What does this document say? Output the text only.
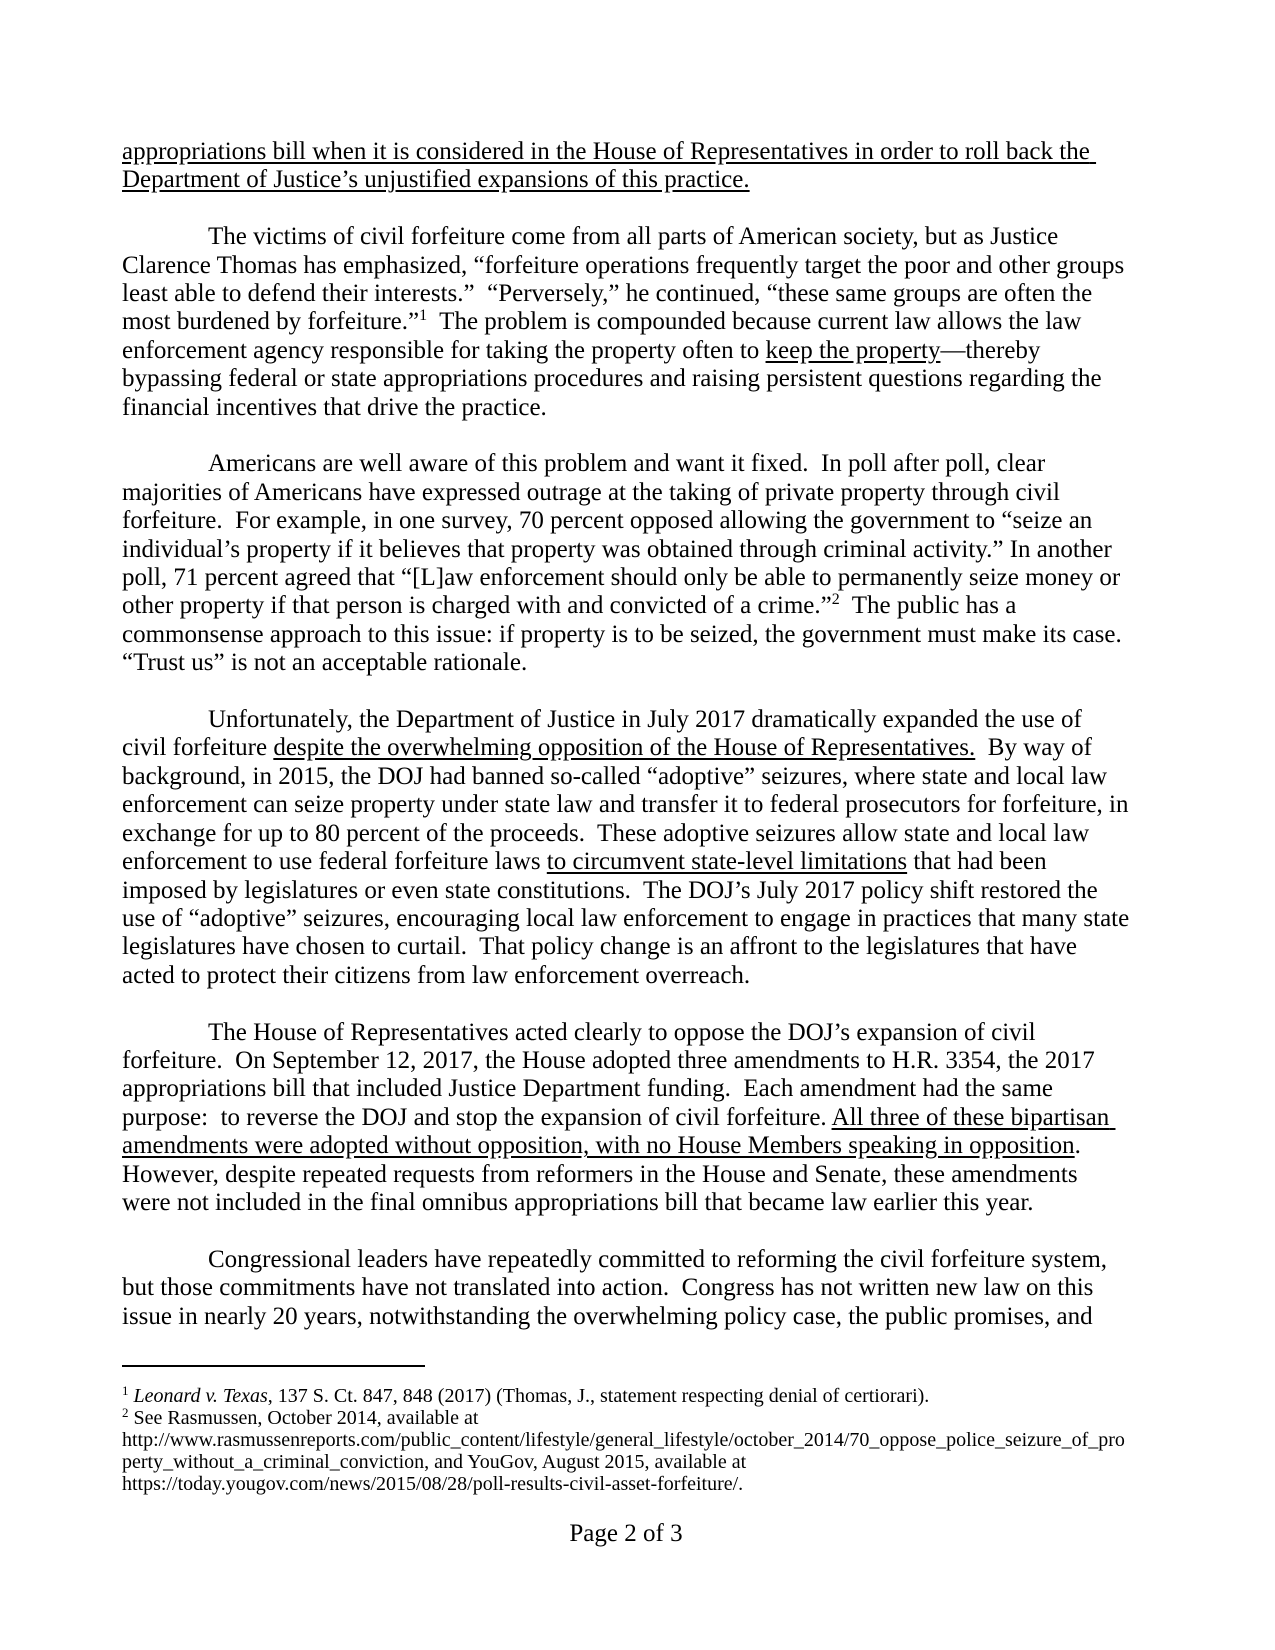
appropriations bill when it is considered in the House of Representatives in order to roll back the Department of Justice’s unjustified expansions of this practice.
The victims of civil forfeiture come from all parts of American society, but as Justice Clarence Thomas has emphasized, “forfeiture operations frequently target the poor and other groups least able to defend their interests.”  “Perversely,” he continued, “these same groups are often the most burdened by forfeiture.”$^1$  The problem is compounded because current law allows the law enforcement agency responsible for taking the property often to keep the property—thereby bypassing federal or state appropriations procedures and raising persistent questions regarding the financial incentives that drive the practice.
Americans are well aware of this problem and want it fixed.  In poll after poll, clear majorities of Americans have expressed outrage at the taking of private property through civil forfeiture.  For example, in one survey, 70 percent opposed allowing the government to “seize an individual’s property if it believes that property was obtained through criminal activity.” In another poll, 71 percent agreed that “[L]aw enforcement should only be able to permanently seize money or other property if that person is charged with and convicted of a crime.”$^2$  The public has a commonsense approach to this issue: if property is to be seized, the government must make its case.  “Trust us” is not an acceptable rationale.
Unfortunately, the Department of Justice in July 2017 dramatically expanded the use of civil forfeiture despite the overwhelming opposition of the House of Representatives.  By way of background, in 2015, the DOJ had banned so-called “adoptive” seizures, where state and local law enforcement can seize property under state law and transfer it to federal prosecutors for forfeiture, in exchange for up to 80 percent of the proceeds.  These adoptive seizures allow state and local law enforcement to use federal forfeiture laws to circumvent state-level limitations that had been imposed by legislatures or even state constitutions.  The DOJ’s July 2017 policy shift restored the use of “adoptive” seizures, encouraging local law enforcement to engage in practices that many state legislatures have chosen to curtail.  That policy change is an affront to the legislatures that have acted to protect their citizens from law enforcement overreach.
The House of Representatives acted clearly to oppose the DOJ’s expansion of civil forfeiture.  On September 12, 2017, the House adopted three amendments to H.R. 3354, the 2017 appropriations bill that included Justice Department funding.  Each amendment had the same purpose:  to reverse the DOJ and stop the expansion of civil forfeiture. All three of these bipartisan amendments were adopted without opposition, with no House Members speaking in opposition. However, despite repeated requests from reformers in the House and Senate, these amendments were not included in the final omnibus appropriations bill that became law earlier this year.
Congressional leaders have repeatedly committed to reforming the civil forfeiture system, but those commitments have not translated into action.  Congress has not written new law on this issue in nearly 20 years, notwithstanding the overwhelming policy case, the public promises, and
$^1$ Leonard v. Texas, 137 S. Ct. 847, 848 (2017) (Thomas, J., statement respecting denial of certiorari).
$^2$ See Rasmussen, October 2014, available at http://www.rasmussenreports.com/public_content/lifestyle/general_lifestyle/october_2014/70_oppose_police_seizure_of_property_without_a_criminal_conviction, and YouGov, August 2015, available at https://today.yougov.com/news/2015/08/28/poll-results-civil-asset-forfeiture/.
Page 2 of 3
